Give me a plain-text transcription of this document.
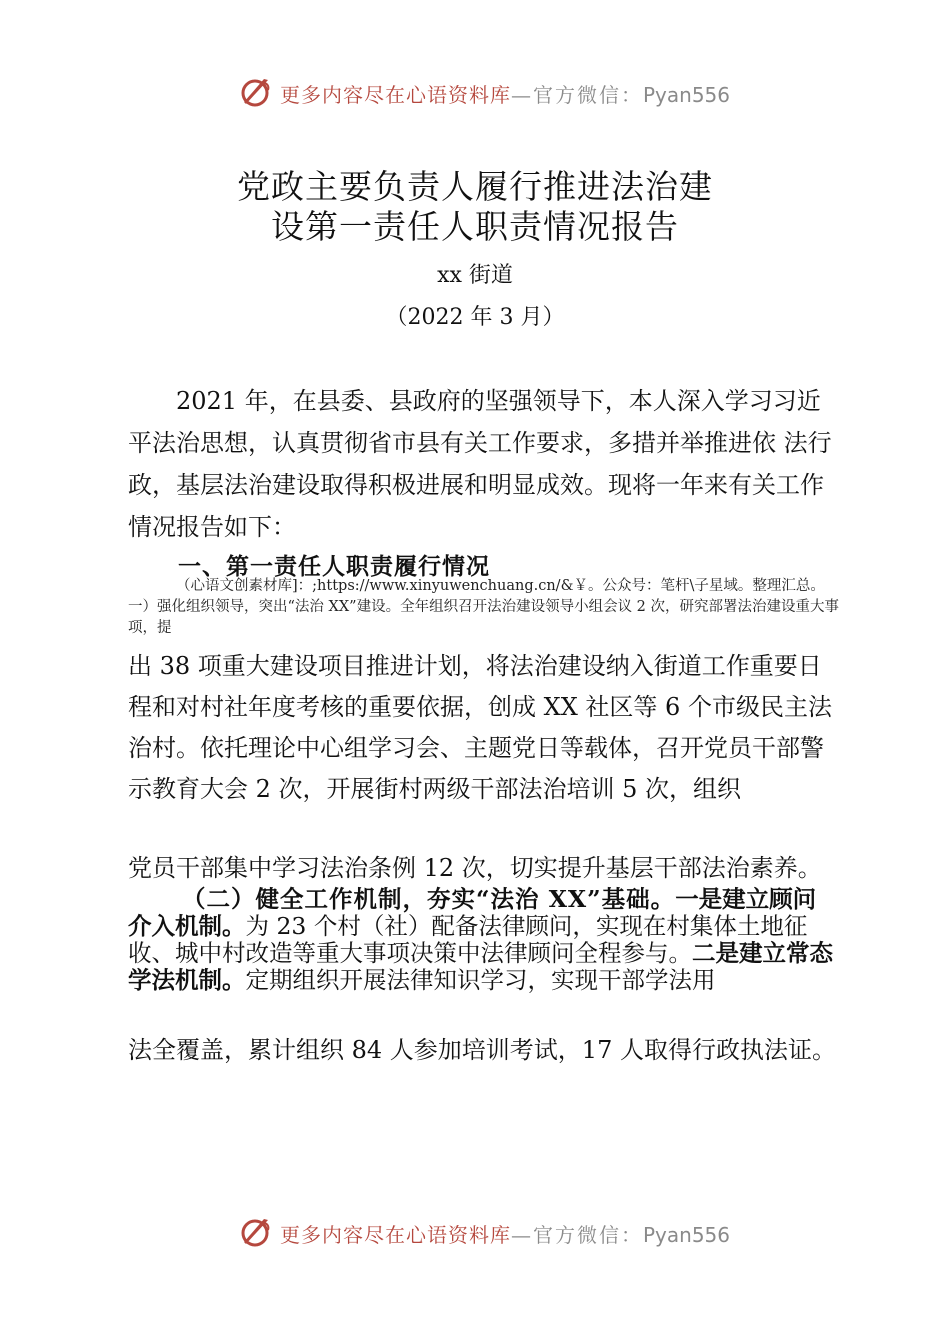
更多内容尽在心语资料库—官方微信：Pyan556
党政主要负责人履行推进法治建
设第一责任人职责情况报告
xx 街道
（2022 年 3 月）
2021 年，在县委、县政府的坚强领导下，本人深入学习习近平法治思想，认真贯彻省市县有关工作要求，多措并举推进依 法行政，基层法治建设取得积极进展和明显成效。现将一年来有关工作情况报告如下：
一、第一责任人职责履行情况
（心语文创素材库]：;https://www.xinyuwenchuang.cn/&￥。公众号：笔杆\子星域。整理汇总。一）强化组织领导，突出“法治 XX”建设。全年组织召开法治建设领导小组会议 2 次，研究部署法治建设重大事项，提
出 38 项重大建设项目推进计划，将法治建设纳入街道工作重要日程和对村社年度考核的重要依据，创成 XX 社区等 6 个市级民主法治村。依托理论中心组学习会、主题党日等载体，召开党员干部警示教育大会 2 次，开展街村两级干部法治培训 5 次，组织
党员干部集中学习法治条例 12 次，切实提升基层干部法治素养。
（二）健全工作机制，夯实“法治 XX”基础。一是建立顾问介入机制。为 23 个村（社）配备法律顾问，实现在村集体土地征收、城中村改造等重大事项决策中法律顾问全程参与。二是建立常态学法机制。定期组织开展法律知识学习，实现干部学法用
法全覆盖，累计组织 84 人参加培训考试，17 人取得行政执法证。
更多内容尽在心语资料库—官方微信：Pyan556
